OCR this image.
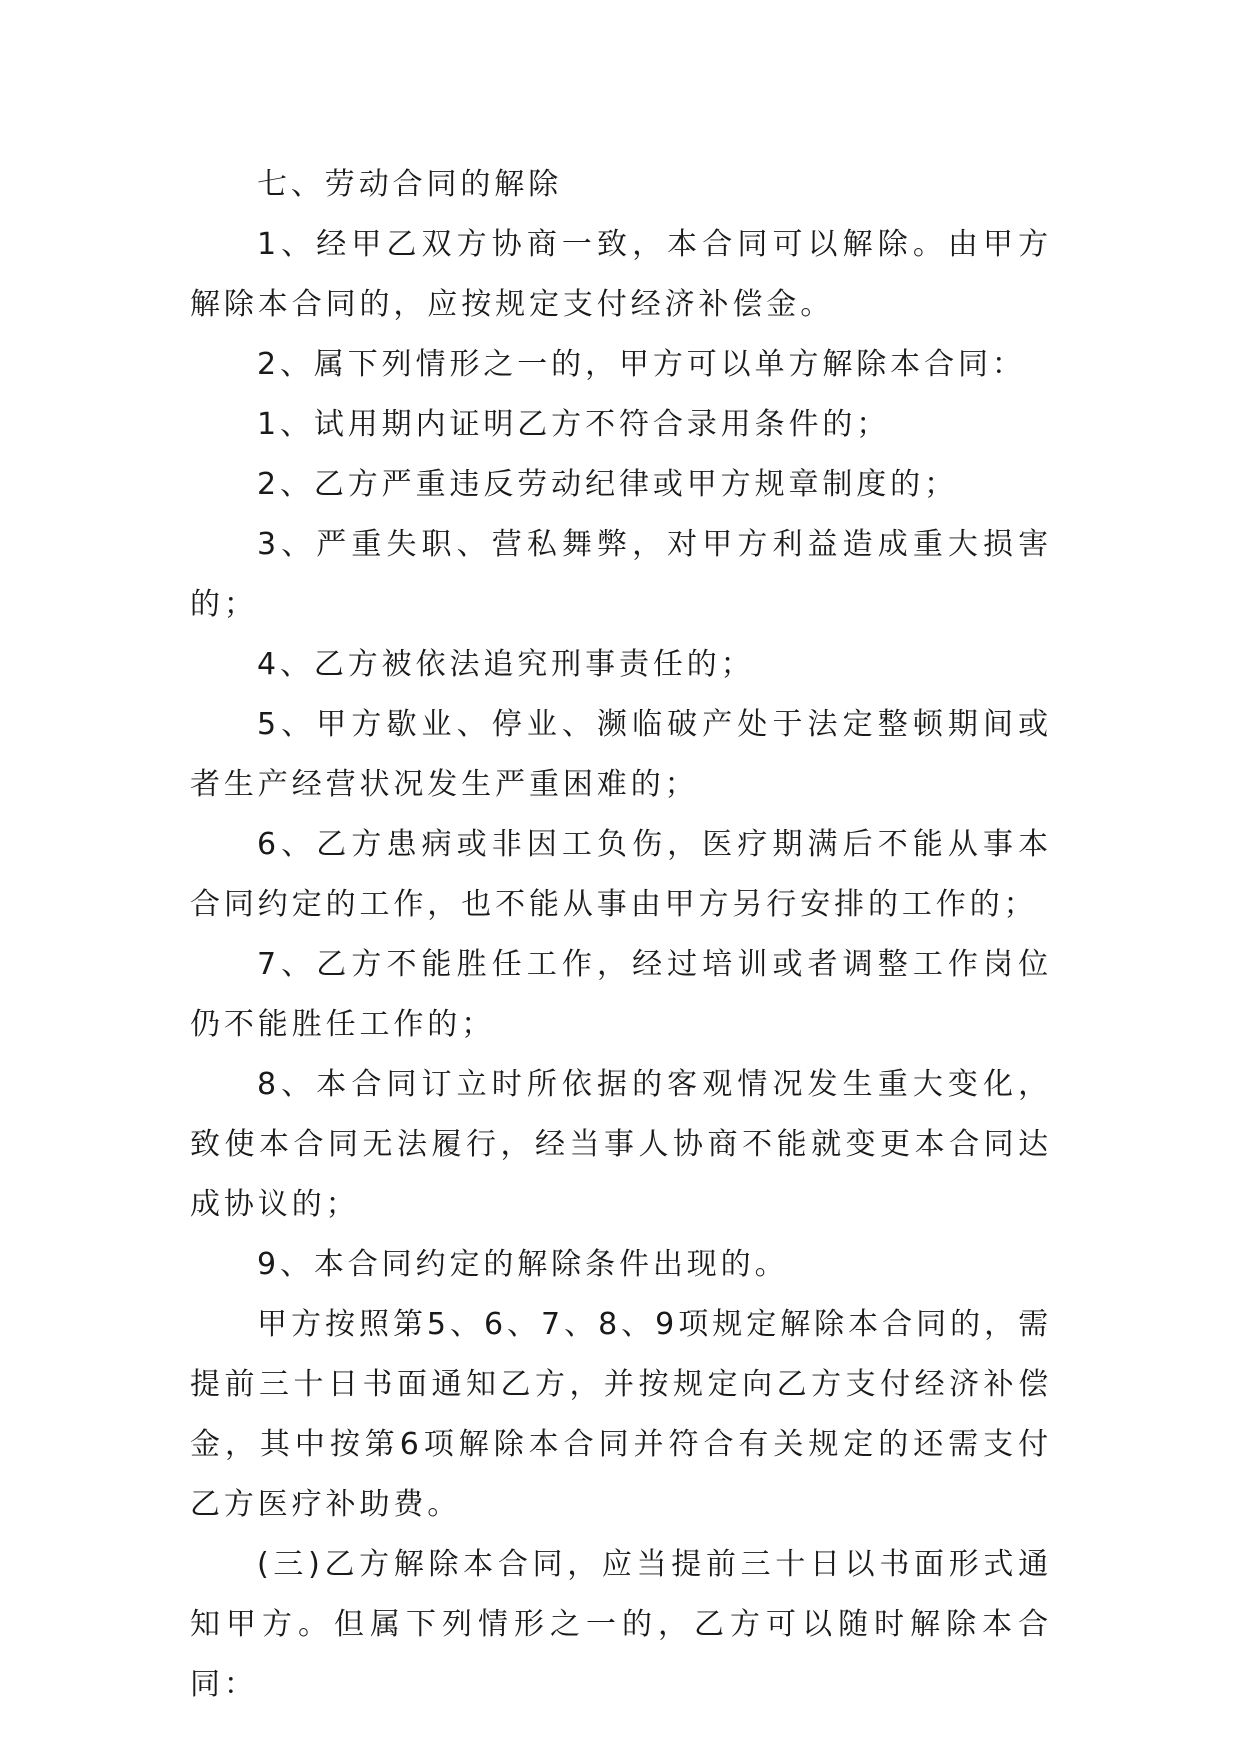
七、劳动合同的解除

1、经甲乙双方协商一致，本合同可以解除。由甲方解除本合同的，应按规定支付经济补偿金。

2、属下列情形之一的，甲方可以单方解除本合同：

1、试用期内证明乙方不符合录用条件的；

2、乙方严重违反劳动纪律或甲方规章制度的；

3、严重失职、营私舞弊，对甲方利益造成重大损害的；

4、乙方被依法追究刑事责任的；

5、甲方歇业、停业、濒临破产处于法定整顿期间或者生产经营状况发生严重困难的；

6、乙方患病或非因工负伤，医疗期满后不能从事本合同约定的工作，也不能从事由甲方另行安排的工作的；

7、乙方不能胜任工作，经过培训或者调整工作岗位仍不能胜任工作的；

8、本合同订立时所依据的客观情况发生重大变化，致使本合同无法履行，经当事人协商不能就变更本合同达成协议的；

9、本合同约定的解除条件出现的。

甲方按照第5、6、7、8、9项规定解除本合同的，需提前三十日书面通知乙方，并按规定向乙方支付经济补偿金，其中按第6项解除本合同并符合有关规定的还需支付乙方医疗补助费。

(三)乙方解除本合同，应当提前三十日以书面形式通知甲方。但属下列情形之一的，乙方可以随时解除本合同：
